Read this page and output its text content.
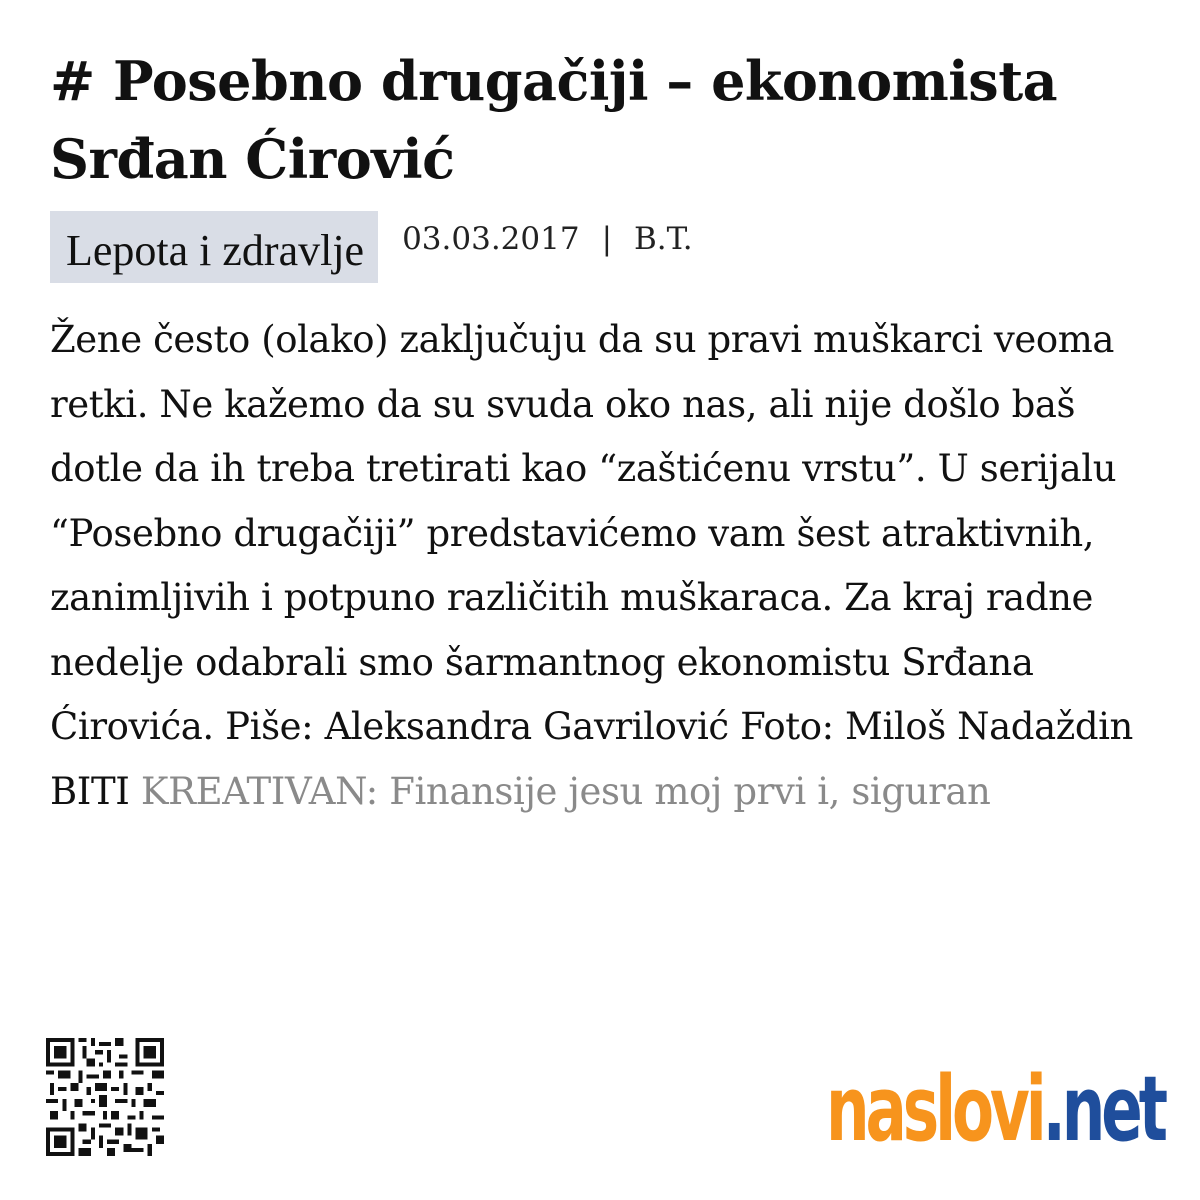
# Posebno drugačiji – ekonomista Srđan Ćirović
Lepota i zdravlje	03.03.2017 | B.T.

Žene često (olako) zaključuju da su pravi muškarci veoma retki. Ne kažemo da su svuda oko nas, ali nije došlo baš dotle da ih treba tretirati kao “zaštićenu vrstu”. U serijalu “Posebno drugačiji” predstavićemo vam šest atraktivnih, zanimljivih i potpuno različitih muškaraca. Za kraj radne nedelje odabrali smo šarmantnog ekonomistu Srđana Ćirovića. Piše: Aleksandra Gavrilović Foto: Miloš Nadaždin BITI KREATIVAN: Finansije jesu moj prvi i, siguran

naslovi.net
